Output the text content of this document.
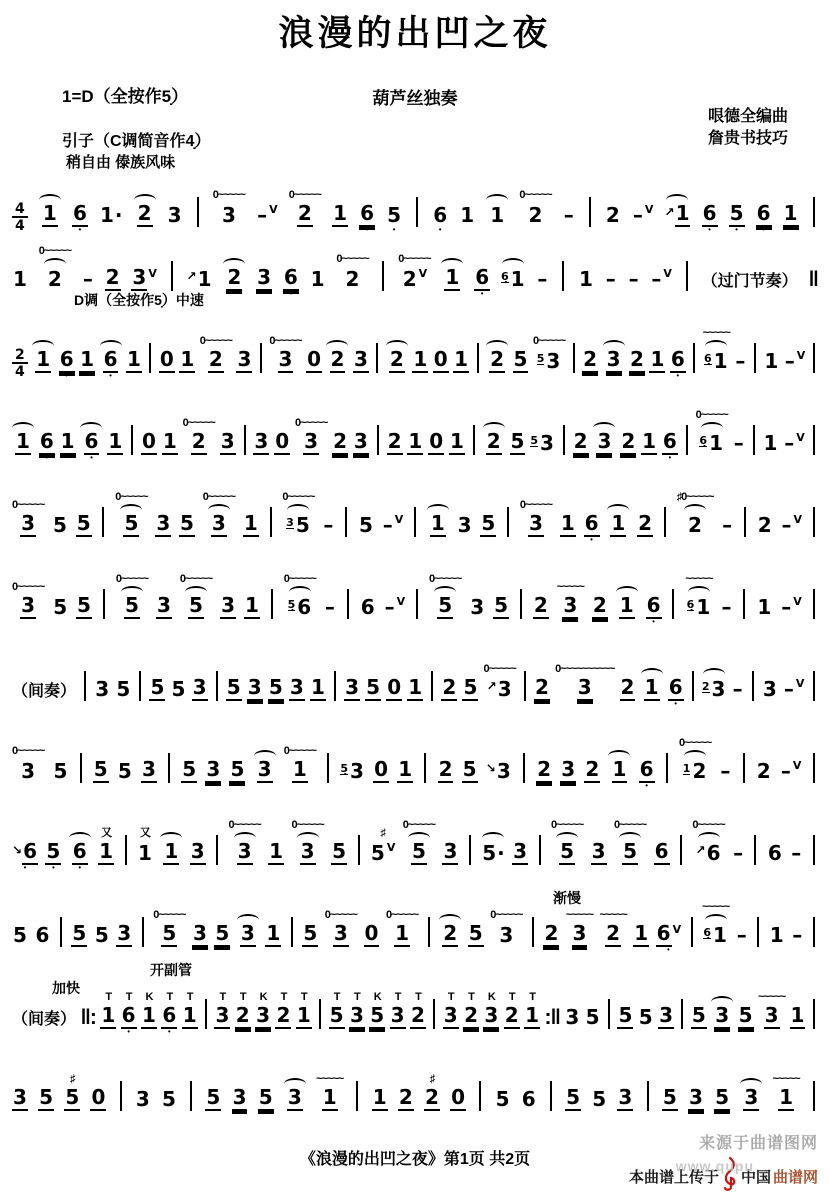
浪漫的出凹之夜
1=D（全按作5̣）	葫芦丝独奏
哏德全编曲
詹贵书技巧
引子（C调简音作4̣）
稍自由 傣族风味
4
4
1 6
•
1 · 2 3
0~~~~~
3 – V
0~~~~~
2 1 6
•
5
•
6
•
1 1
0~~~~~
2 – 2 – V ↗ 1 6
•
5
•
6
•
1
1
0~~~~~
2 – 2 3 V ↗ 1 2 3 6
•
1
0~~~~~
2
0~~~~~
2 V 1 6
•
6̣ 1 – 1 – – – V （过门节奏） ‖
D调（全按作5̣）中速
2
4
1 6
•
1 6
•
1 0 1
0~~~~~
2 3
0~~~~~
3 0 2 3 2 1 0 1 2 5
0~~~~~
5 3 2 3 2 1 6
•
~~~~~
6̣ 1 – 1 – V
1 6
•
1 6
•
1 0 1
0~~~~~
2 3 3 0
0~~~~~
3 2 3 2 1 0 1 2 5 5 3 2 3 2 1 6
•
0~~~~~
6̣ 1 – 1 – V
0~~~~~
3 5 5
0~~~~~
5 3 5
0~~~~~
3 1
0~~~~~
3 5 – 5 – V 1 3 5
0~~~~~
3 1 6
•
1 2
♯0~~~~~
2 – 2 – V
0~~~~~
3 5 5
0~~~~~
5 3
0~~~~~
5 3 1
0~~~~~
5̣ 6 – 6 – V
0~~~~~
5 3 5 2
~~~~~
3 2 1 6
•
~~~~~
6̣ 1 – 1 – V
（间奏） 3 5 5 5 3 5 3 5 3 1 3 5 0 1 2 5
0~~~~~
↗ 3 2
0~~~~~~~~~~
3 2 1 6
•
2 3 – 3 – V
0~~~~~
3 5 5 5 3 5 3 5 3
0~~~~~
1	5̣ 3 0 1 2 5 ↘ 3 2 3 2 1 6
•
0~~~~~
1 2 – 2 – V
↘ 6
•
5
•
6
•
又
1
又
1 1 3
0~~~~~
3 1
0~~~~~
3 5
♯
5 V
0~~~~~
5 3 5 · 3
0~~~~~
5 3
0~~~~~
5 6
0~~~~~
↗ 6 – 6 –
渐慢
5 6 5 5 3
0~~~~~
5 3 5 3 1 5
0~~~~~
3 0
0~~~~~
1 2 5
0~~~~~
3 2
~~~~~
3
~~~~~
2 1 6 V
•
~~~~~
6̣ 1 – 1 –
加快
开副管
（间奏） ‖:
T
1
T
6
•
K
1
T
6
•
T
1
T
3
T
2
K
3
T
2
T
1
T
5
T
3
K
5
T
3
T
2
T
3
T
2
K
3
T
2
T
1 :‖ 3 5 5 5 3 5 3 5
~~~~~
3 1
3 5
♯
5 0 3 5 5 3 5 3
~~~~~
1 1 2
♯
2 0 5 6 5 5 3 5 3 5 3
~~~~~
1
《浪漫的出凹之夜》第1页 共2页
来源于曲谱图网
www.qupu
本曲谱上传于 中国 曲谱网
